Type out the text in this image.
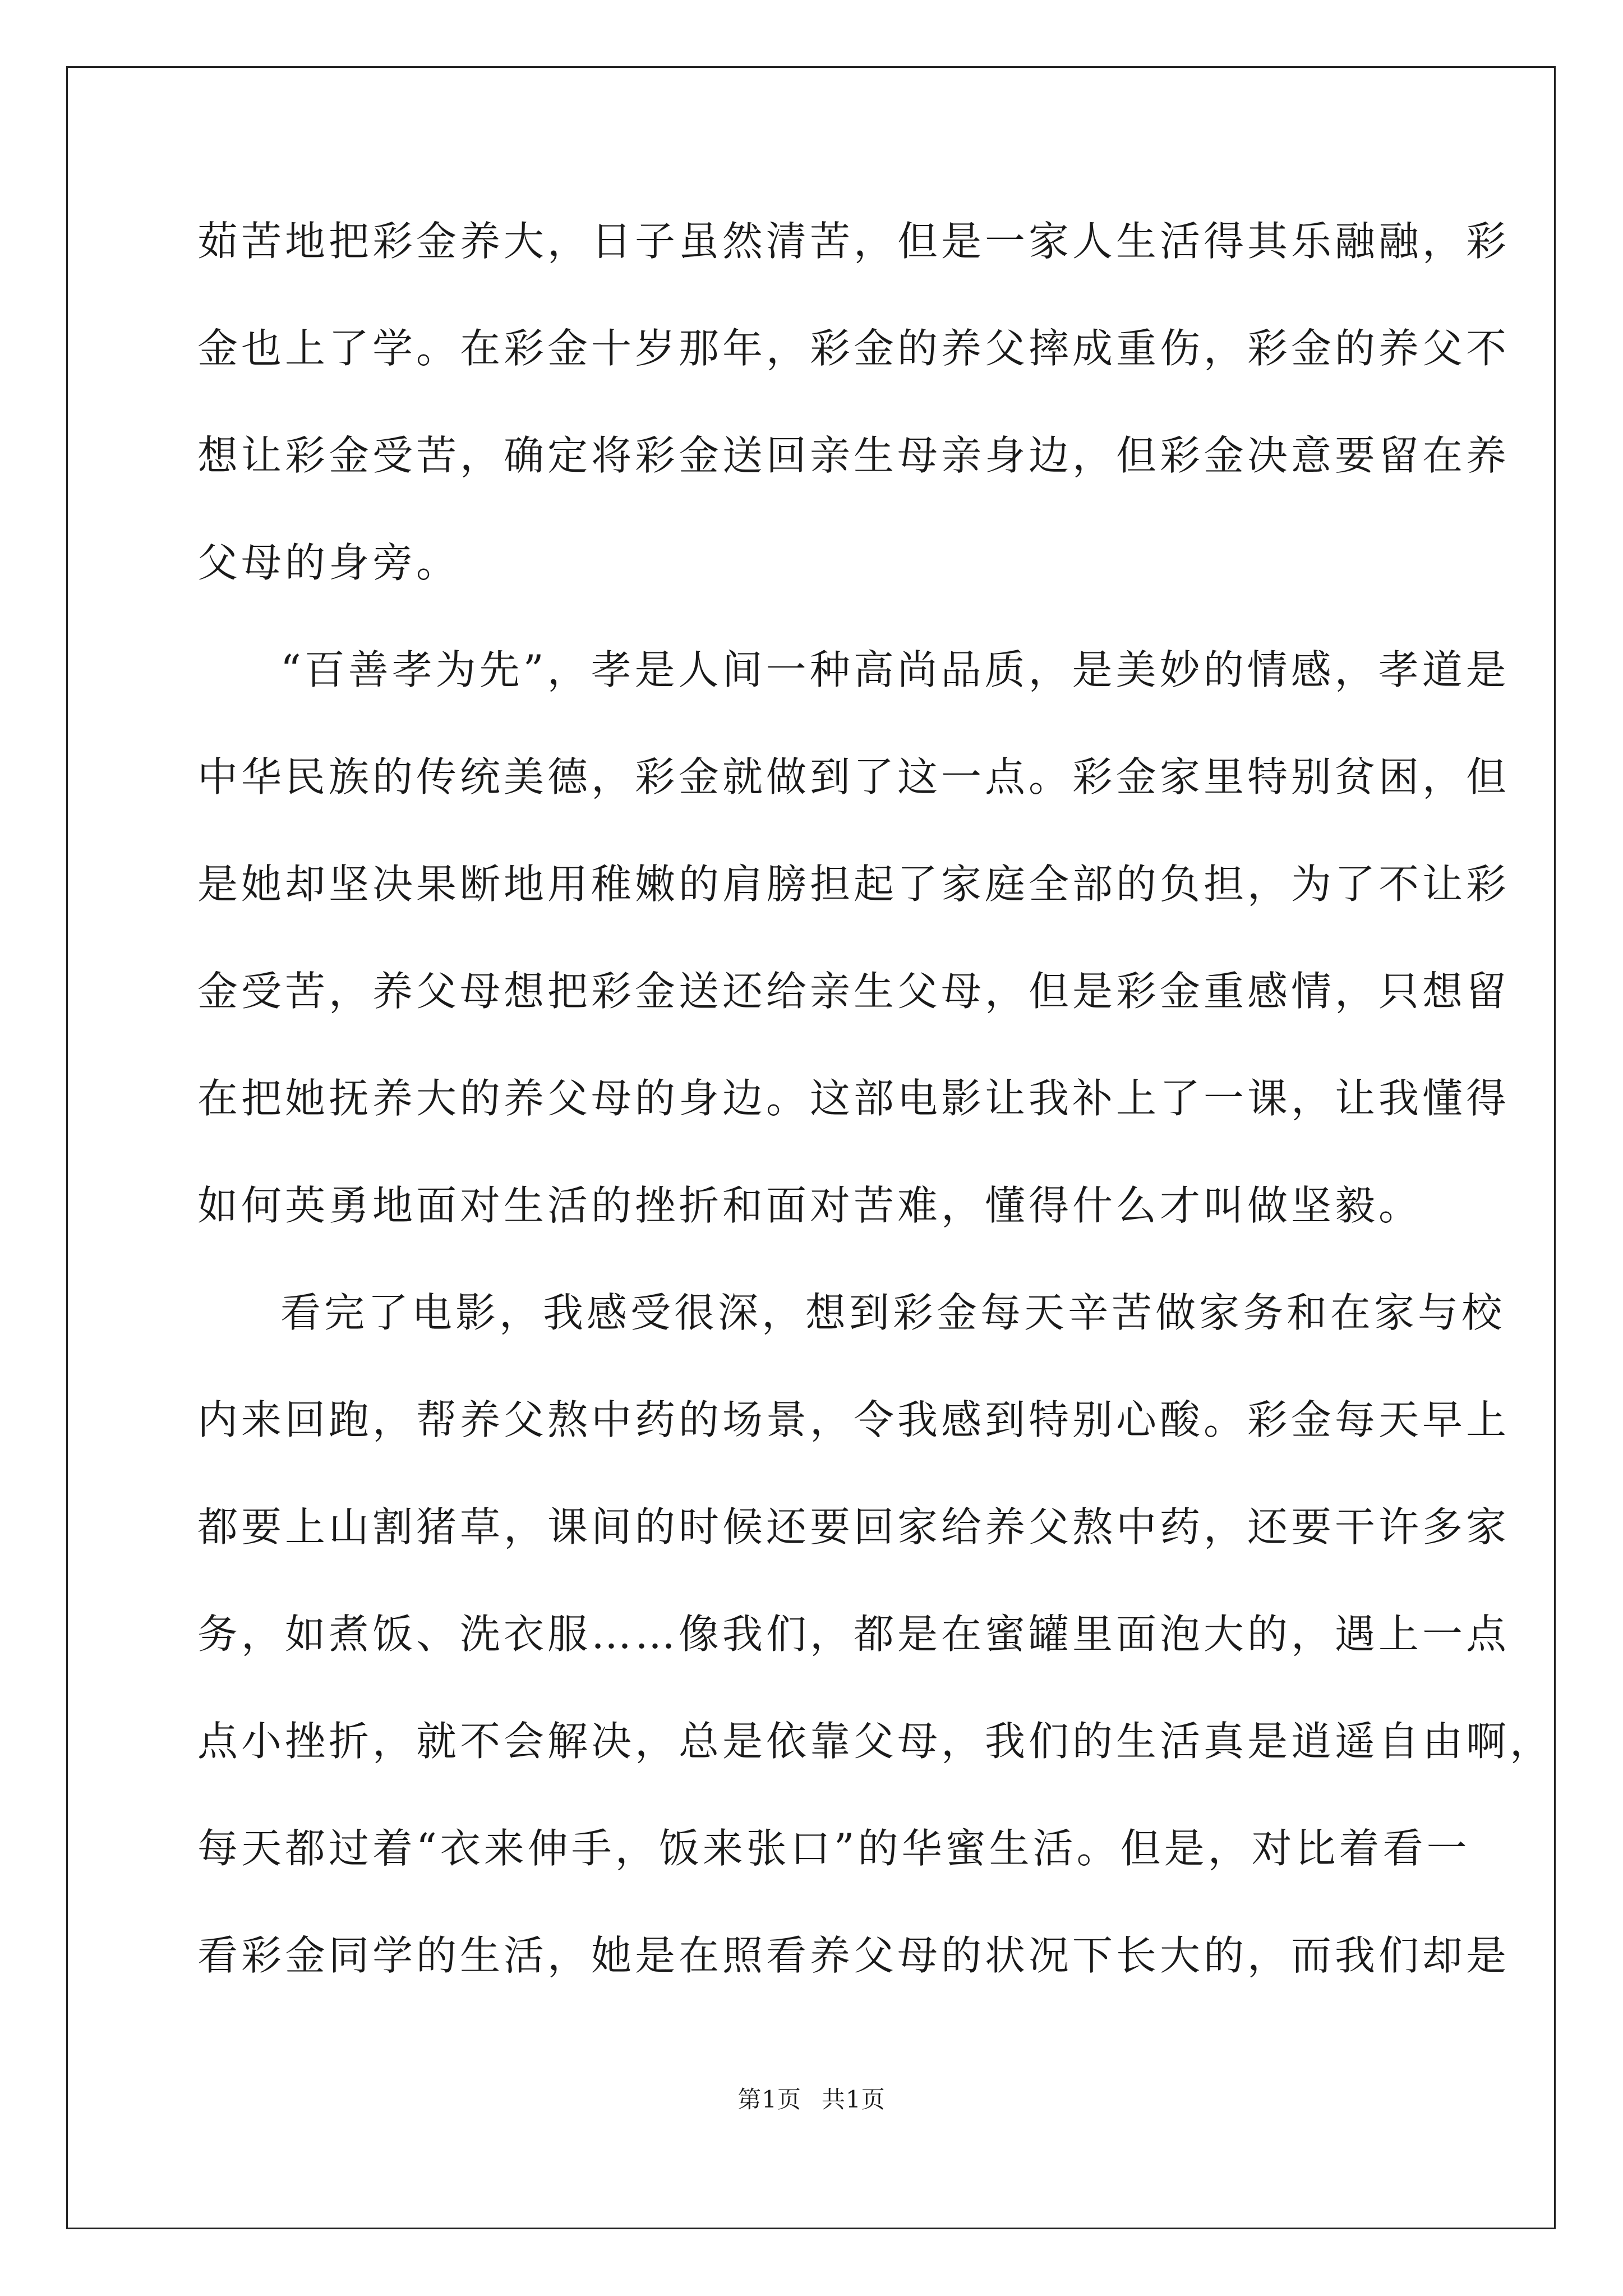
茹苦地把彩金养大，日子虽然清苦，但是一家人生活得其乐融融，彩
金也上了学。在彩金十岁那年，彩金的养父摔成重伤，彩金的养父不
想让彩金受苦，确定将彩金送回亲生母亲身边，但彩金决意要留在养
父母的身旁。
“百善孝为先”，孝是人间一种高尚品质，是美妙的情感，孝道是
中华民族的传统美德，彩金就做到了这一点。彩金家里特别贫困，但
是她却坚决果断地用稚嫩的肩膀担起了家庭全部的负担，为了不让彩
金受苦，养父母想把彩金送还给亲生父母，但是彩金重感情，只想留
在把她抚养大的养父母的身边。这部电影让我补上了一课，让我懂得
如何英勇地面对生活的挫折和面对苦难，懂得什么才叫做坚毅。
看完了电影，我感受很深，想到彩金每天辛苦做家务和在家与校
内来回跑，帮养父熬中药的场景，令我感到特别心酸。彩金每天早上
都要上山割猪草，课间的时候还要回家给养父熬中药，还要干许多家
务，如煮饭、洗衣服……像我们，都是在蜜罐里面泡大的，遇上一点
点小挫折，就不会解决，总是依靠父母，我们的生活真是逍遥自由啊，
每天都过着“衣来伸手，饭来张口”的华蜜生活。但是，对比着看一
看彩金同学的生活，她是在照看养父母的状况下长大的，而我们却是
第1页 共1页
